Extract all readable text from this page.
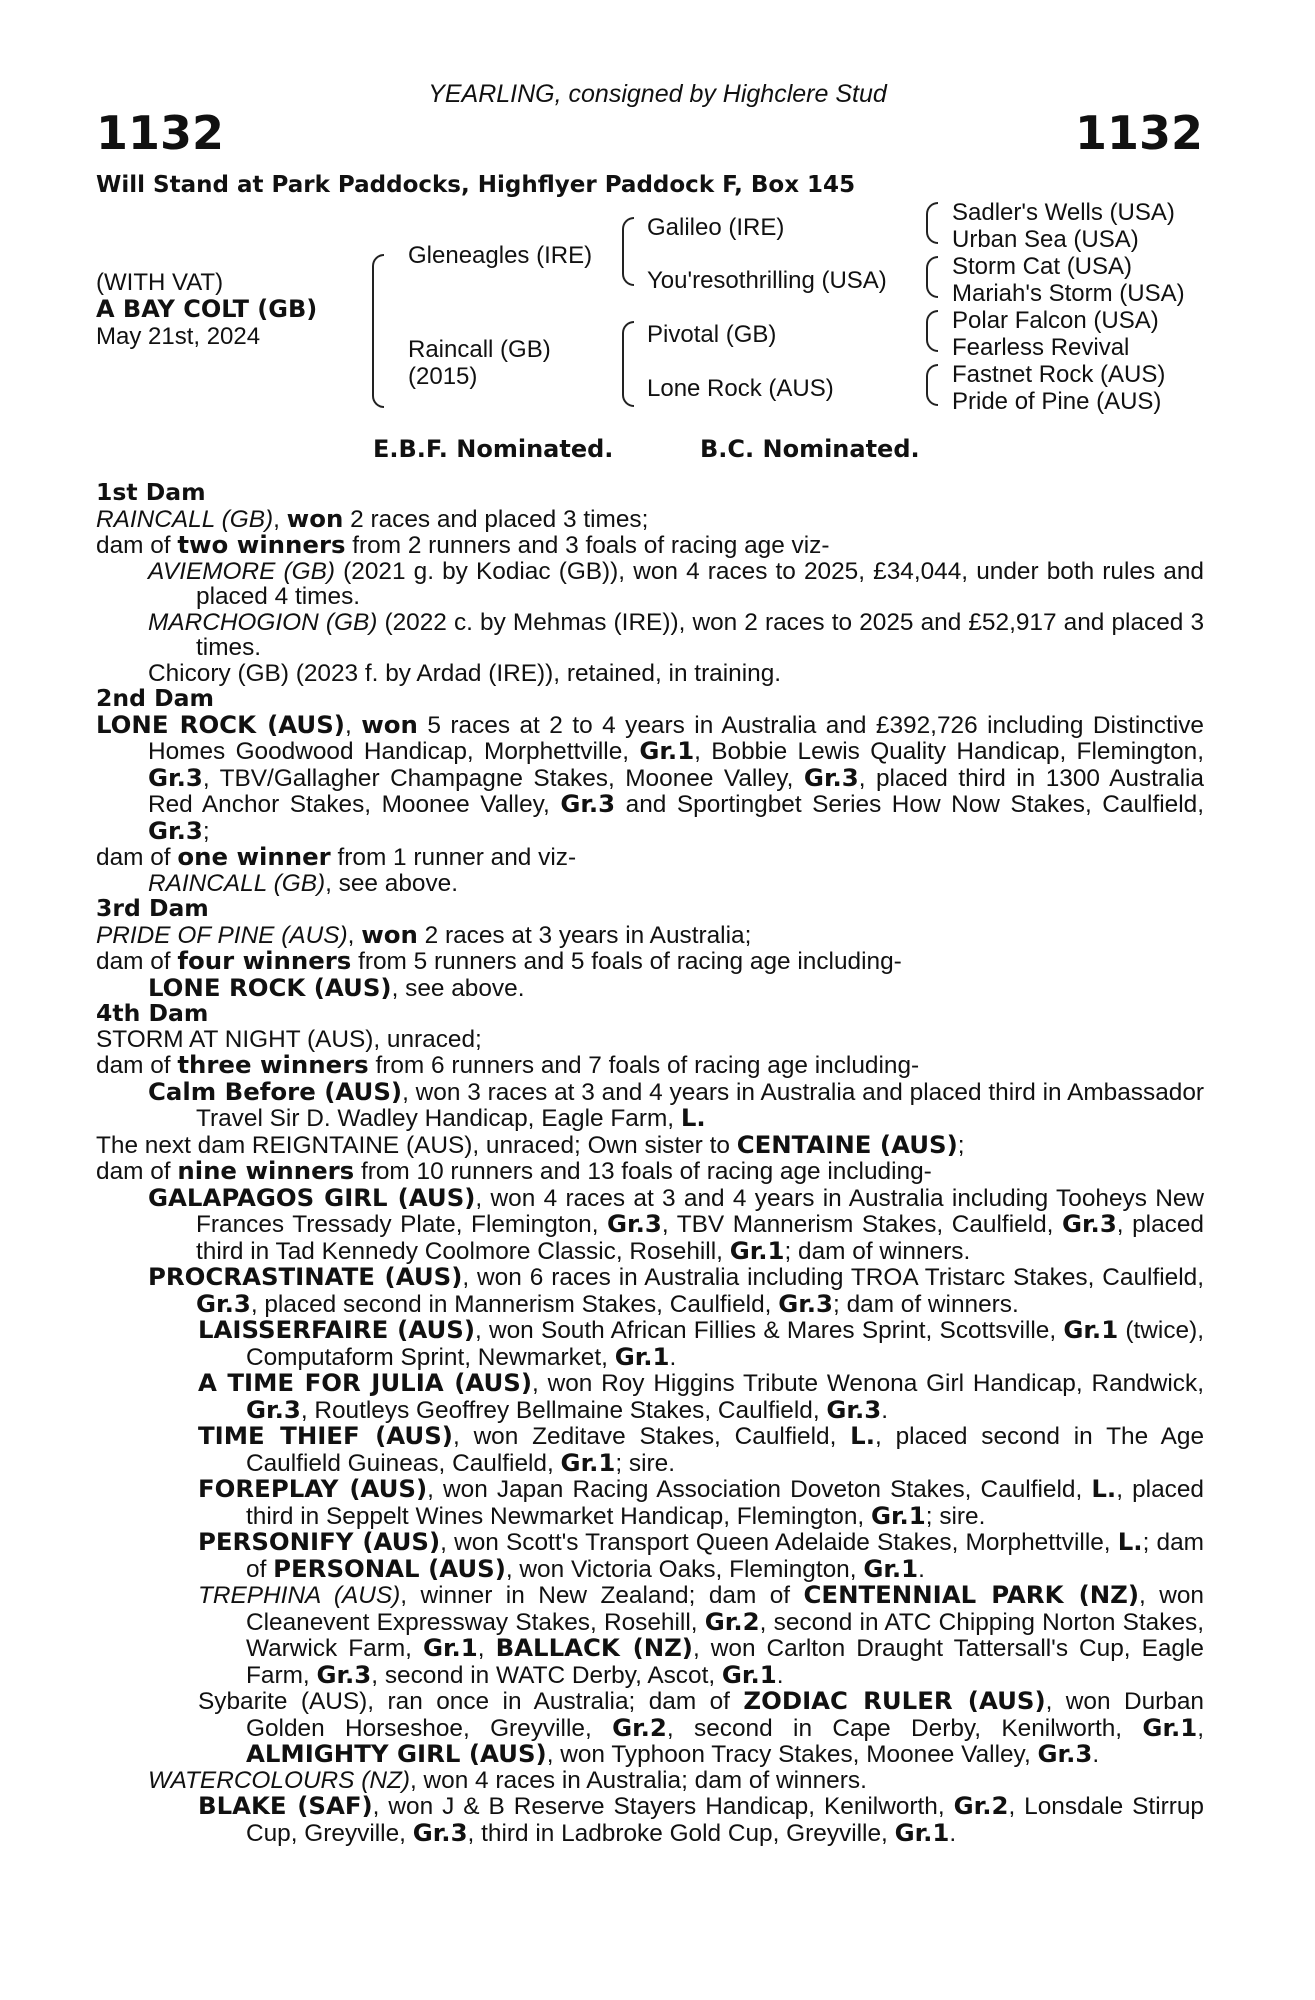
YEARLING, consigned by Highclere Stud
1132	1132
Will Stand at Park Paddocks, Highflyer Paddock F, Box 145
(WITH VAT)
A BAY COLT (GB)
May 21st, 2024
Gleneagles (IRE)
Raincall (GB)
(2015)
Galileo (IRE)
You'resothrilling (USA)
Pivotal (GB)
Lone Rock (AUS)
Sadler's Wells (USA)
Urban Sea (USA)
Storm Cat (USA)
Mariah's Storm (USA)
Polar Falcon (USA)
Fearless Revival
Fastnet Rock (AUS)
Pride of Pine (AUS)
E.B.F. Nominated.	B.C. Nominated.

1st Dam

RAINCALL (GB), won 2 races and placed 3 times;

dam of two winners from 2 runners and 3 foals of racing age viz-

AVIEMORE (GB) (2021 g. by Kodiac (GB)), won 4 races to 2025, £34,044, under both rules and placed 4 times.

MARCHOGION (GB) (2022 c. by Mehmas (IRE)), won 2 races to 2025 and £52,917 and placed 3 times.

Chicory (GB) (2023 f. by Ardad (IRE)), retained, in training.

2nd Dam

LONE ROCK (AUS), won 5 races at 2 to 4 years in Australia and £392,726 including Distinctive Homes Goodwood Handicap, Morphettville, Gr.1, Bobbie Lewis Quality Handicap, Flemington, Gr.3, TBV/Gallagher Champagne Stakes, Moonee Valley, Gr.3, placed third in 1300 Australia Red Anchor Stakes, Moonee Valley, Gr.3 and Sportingbet Series How Now Stakes, Caulfield, Gr.3;

dam of one winner from 1 runner and viz-

RAINCALL (GB), see above.

3rd Dam

PRIDE OF PINE (AUS), won 2 races at 3 years in Australia;

dam of four winners from 5 runners and 5 foals of racing age including-

LONE ROCK (AUS), see above.

4th Dam

STORM AT NIGHT (AUS), unraced;

dam of three winners from 6 runners and 7 foals of racing age including-

Calm Before (AUS), won 3 races at 3 and 4 years in Australia and placed third in Ambassador Travel Sir D. Wadley Handicap, Eagle Farm, L.

The next dam REIGNTAINE (AUS), unraced; Own sister to CENTAINE (AUS);

dam of nine winners from 10 runners and 13 foals of racing age including-

GALAPAGOS GIRL (AUS), won 4 races at 3 and 4 years in Australia including Tooheys New Frances Tressady Plate, Flemington, Gr.3, TBV Mannerism Stakes, Caulfield, Gr.3, placed third in Tad Kennedy Coolmore Classic, Rosehill, Gr.1; dam of winners.

PROCRASTINATE (AUS), won 6 races in Australia including TROA Tristarc Stakes, Caulfield, Gr.3, placed second in Mannerism Stakes, Caulfield, Gr.3; dam of winners.

LAISSERFAIRE (AUS), won South African Fillies & Mares Sprint, Scottsville, Gr.1 (twice), Computaform Sprint, Newmarket, Gr.1.

A TIME FOR JULIA (AUS), won Roy Higgins Tribute Wenona Girl Handicap, Randwick, Gr.3, Routleys Geoffrey Bellmaine Stakes, Caulfield, Gr.3.

TIME THIEF (AUS), won Zeditave Stakes, Caulfield, L., placed second in The Age Caulfield Guineas, Caulfield, Gr.1; sire.

FOREPLAY (AUS), won Japan Racing Association Doveton Stakes, Caulfield, L., placed third in Seppelt Wines Newmarket Handicap, Flemington, Gr.1; sire.

PERSONIFY (AUS), won Scott's Transport Queen Adelaide Stakes, Morphettville, L.; dam of PERSONAL (AUS), won Victoria Oaks, Flemington, Gr.1.

TREPHINA (AUS), winner in New Zealand; dam of CENTENNIAL PARK (NZ), won Cleanevent Expressway Stakes, Rosehill, Gr.2, second in ATC Chipping Norton Stakes, Warwick Farm, Gr.1, BALLACK (NZ), won Carlton Draught Tattersall's Cup, Eagle Farm, Gr.3, second in WATC Derby, Ascot, Gr.1.

Sybarite (AUS), ran once in Australia; dam of ZODIAC RULER (AUS), won Durban Golden Horseshoe, Greyville, Gr.2, second in Cape Derby, Kenilworth, Gr.1, ALMIGHTY GIRL (AUS), won Typhoon Tracy Stakes, Moonee Valley, Gr.3.

WATERCOLOURS (NZ), won 4 races in Australia; dam of winners.

BLAKE (SAF), won J & B Reserve Stayers Handicap, Kenilworth, Gr.2, Lonsdale Stirrup Cup, Greyville, Gr.3, third in Ladbroke Gold Cup, Greyville, Gr.1.
